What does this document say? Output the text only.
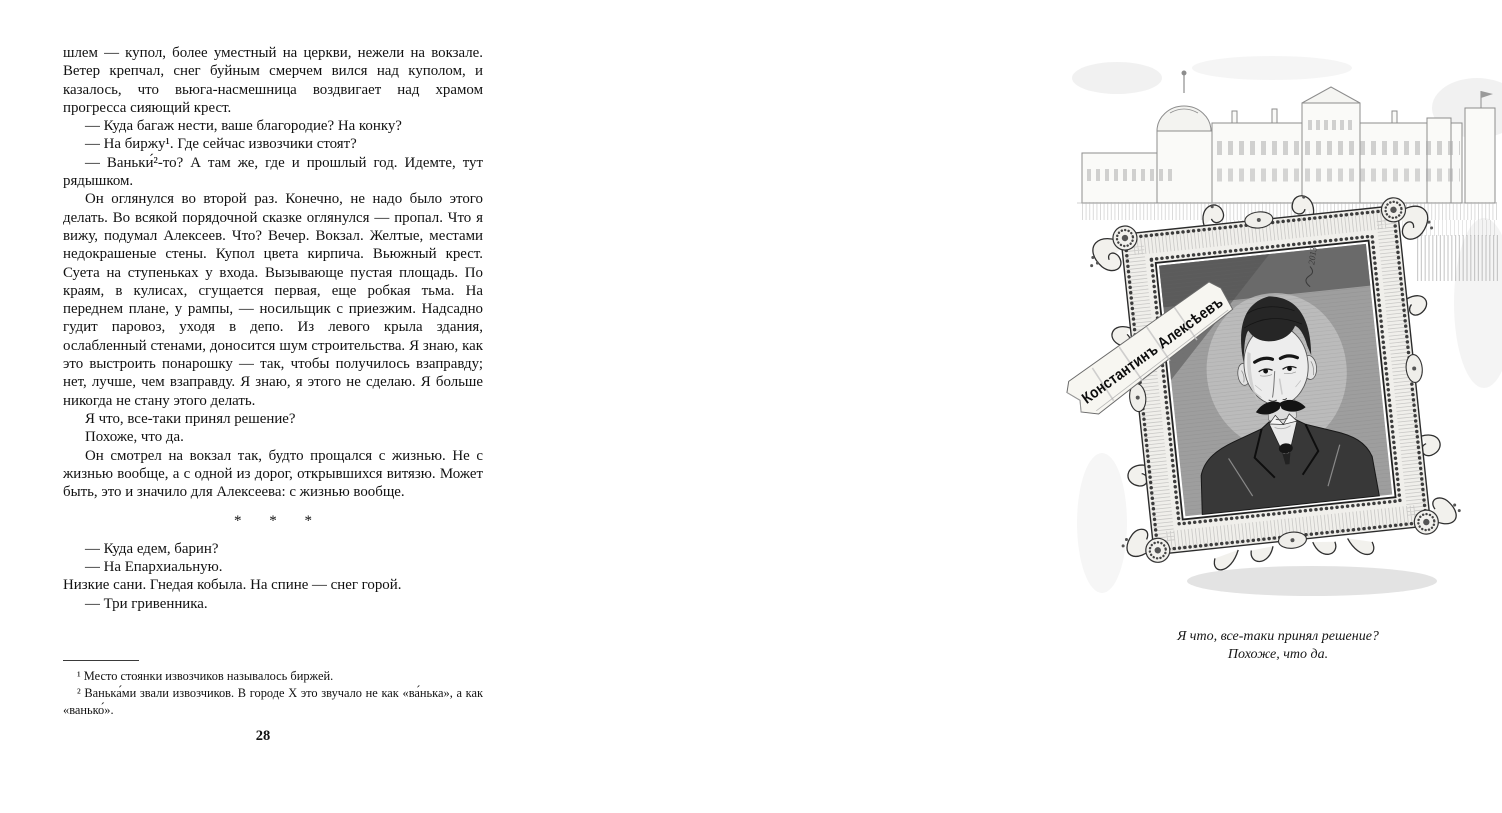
шлем — купол, более уместный на церкви, нежели на вокзале. Ветер крепчал, снег буйным смерчем вился над куполом, и казалось, что вьюга-насмешница воздвигает над храмом прогресса сияющий крест.

— Куда багаж нести, ваше благородие? На конку?

— На биржу¹. Где сейчас извозчики стоят?

— Ваньки́²-то? А там же, где и прошлый год. Идемте, тут рядышком.

Он оглянулся во второй раз. Конечно, не надо было этого делать. Во всякой порядочной сказке оглянулся — пропал. Что я вижу, подумал Алексеев. Что? Вечер. Вокзал. Желтые, местами недокрашеные стены. Купол цвета кирпича. Вьюжный крест. Суета на ступеньках у входа. Вызывающе пустая площадь. По краям, в кулисах, сгущается первая, еще робкая тьма. На переднем плане, у рампы, — носильщик с приезжим. Надсадно гудит паровоз, уходя в депо. Из левого крыла здания, ослабленный стенами, доносится шум строительства. Я знаю, как это выстроить понарошку — так, чтобы получилось взаправду; нет, лучше, чем взаправду. Я знаю, я этого не сделаю. Я больше никогда не стану этого делать.

Я что, все-таки принял решение?

Похоже, что да.

Он смотрел на вокзал так, будто прощался с жизнью. Не с жизнью вообще, а с одной из дорог, открывшихся витязю. Может быть, это и значило для Алексеева: с жизнью вообще.

* * *

— Куда едем, барин?

— На Епархиальную.

Низкие сани. Гнедая кобыла. На спине — снег горой.

— Три гривенника.

¹ Место стоянки извозчиков называлось биржей.

² Ванька́ми звали извозчиков. В городе X это звучало не как «ва́нька», а как «ванько́».

28
2013.
Константинъ Алексѣевъ
Я что, все-таки принял решение?
Похоже, что да.
